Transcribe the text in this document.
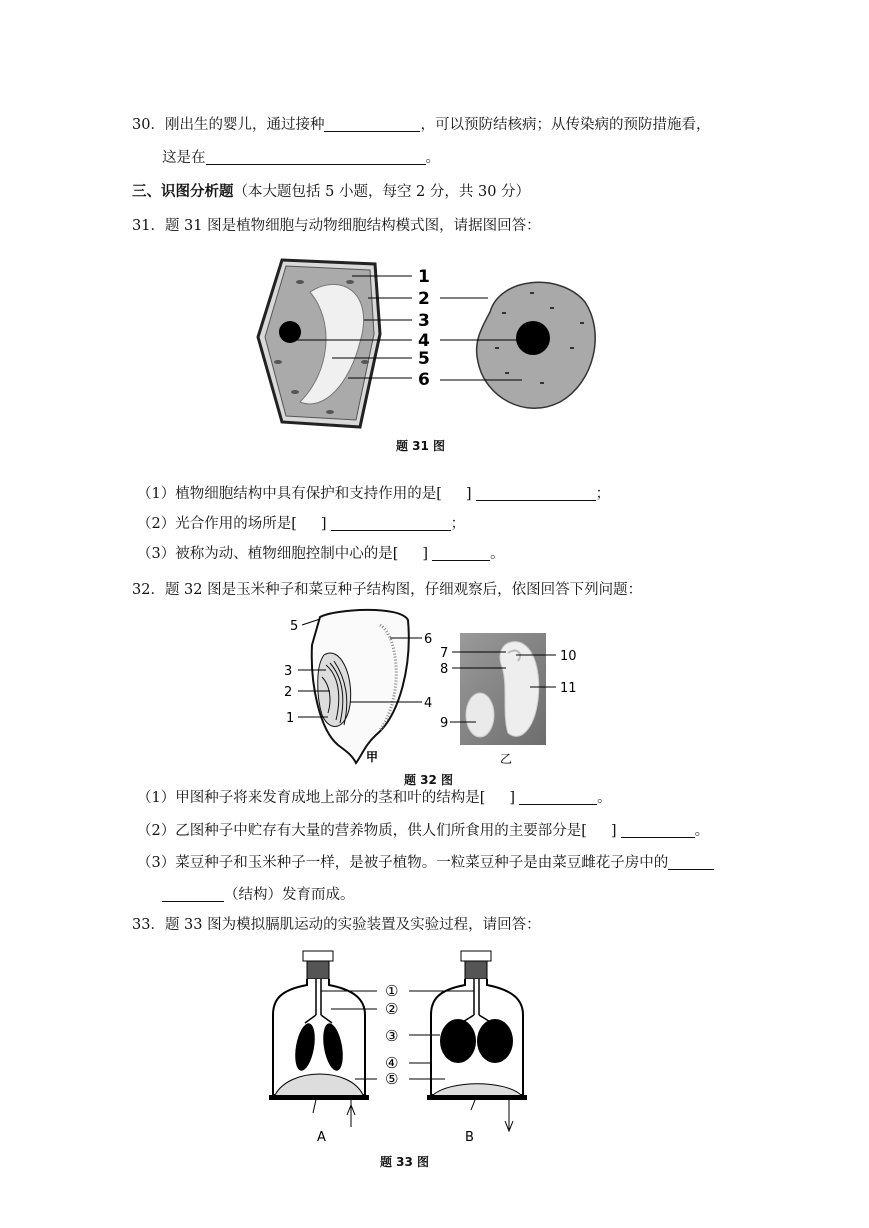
30．刚出生的婴儿，通过接种	，可以预防结核病；从传染病的预防措施看，
这是在	。
三、识图分析题（本大题包括 5 小题，每空 2 分，共 30 分）
31．题 31 图是植物细胞与动物细胞结构模式图，请据图回答：
1
2
3
4
5
6
题 31 图
（1）植物细胞结构中具有保护和支持作用的是[ ]	；
（2）光合作用的场所是[ ]	；
（3）被称为动、植物细胞控制中心的是[ ]	。
32．题 32 图是玉米种子和菜豆种子结构图，仔细观察后，依图回答下列问题：
5
6
3
2
1
4
甲
7
8
10
11
9
乙
题 32 图
（1）甲图种子将来发育成地上部分的茎和叶的结构是[ ]	。
（2）乙图种子中贮存有大量的营养物质，供人们所食用的主要部分是[ ]	。
（3）菜豆种子和玉米种子一样，是被子植物。一粒菜豆种子是由菜豆雌花子房中的
（结构）发育而成。
33．题 33 图为模拟膈肌运动的实验装置及实验过程，请回答：
A	B
①
②
③
④
⑤
题 33 图
